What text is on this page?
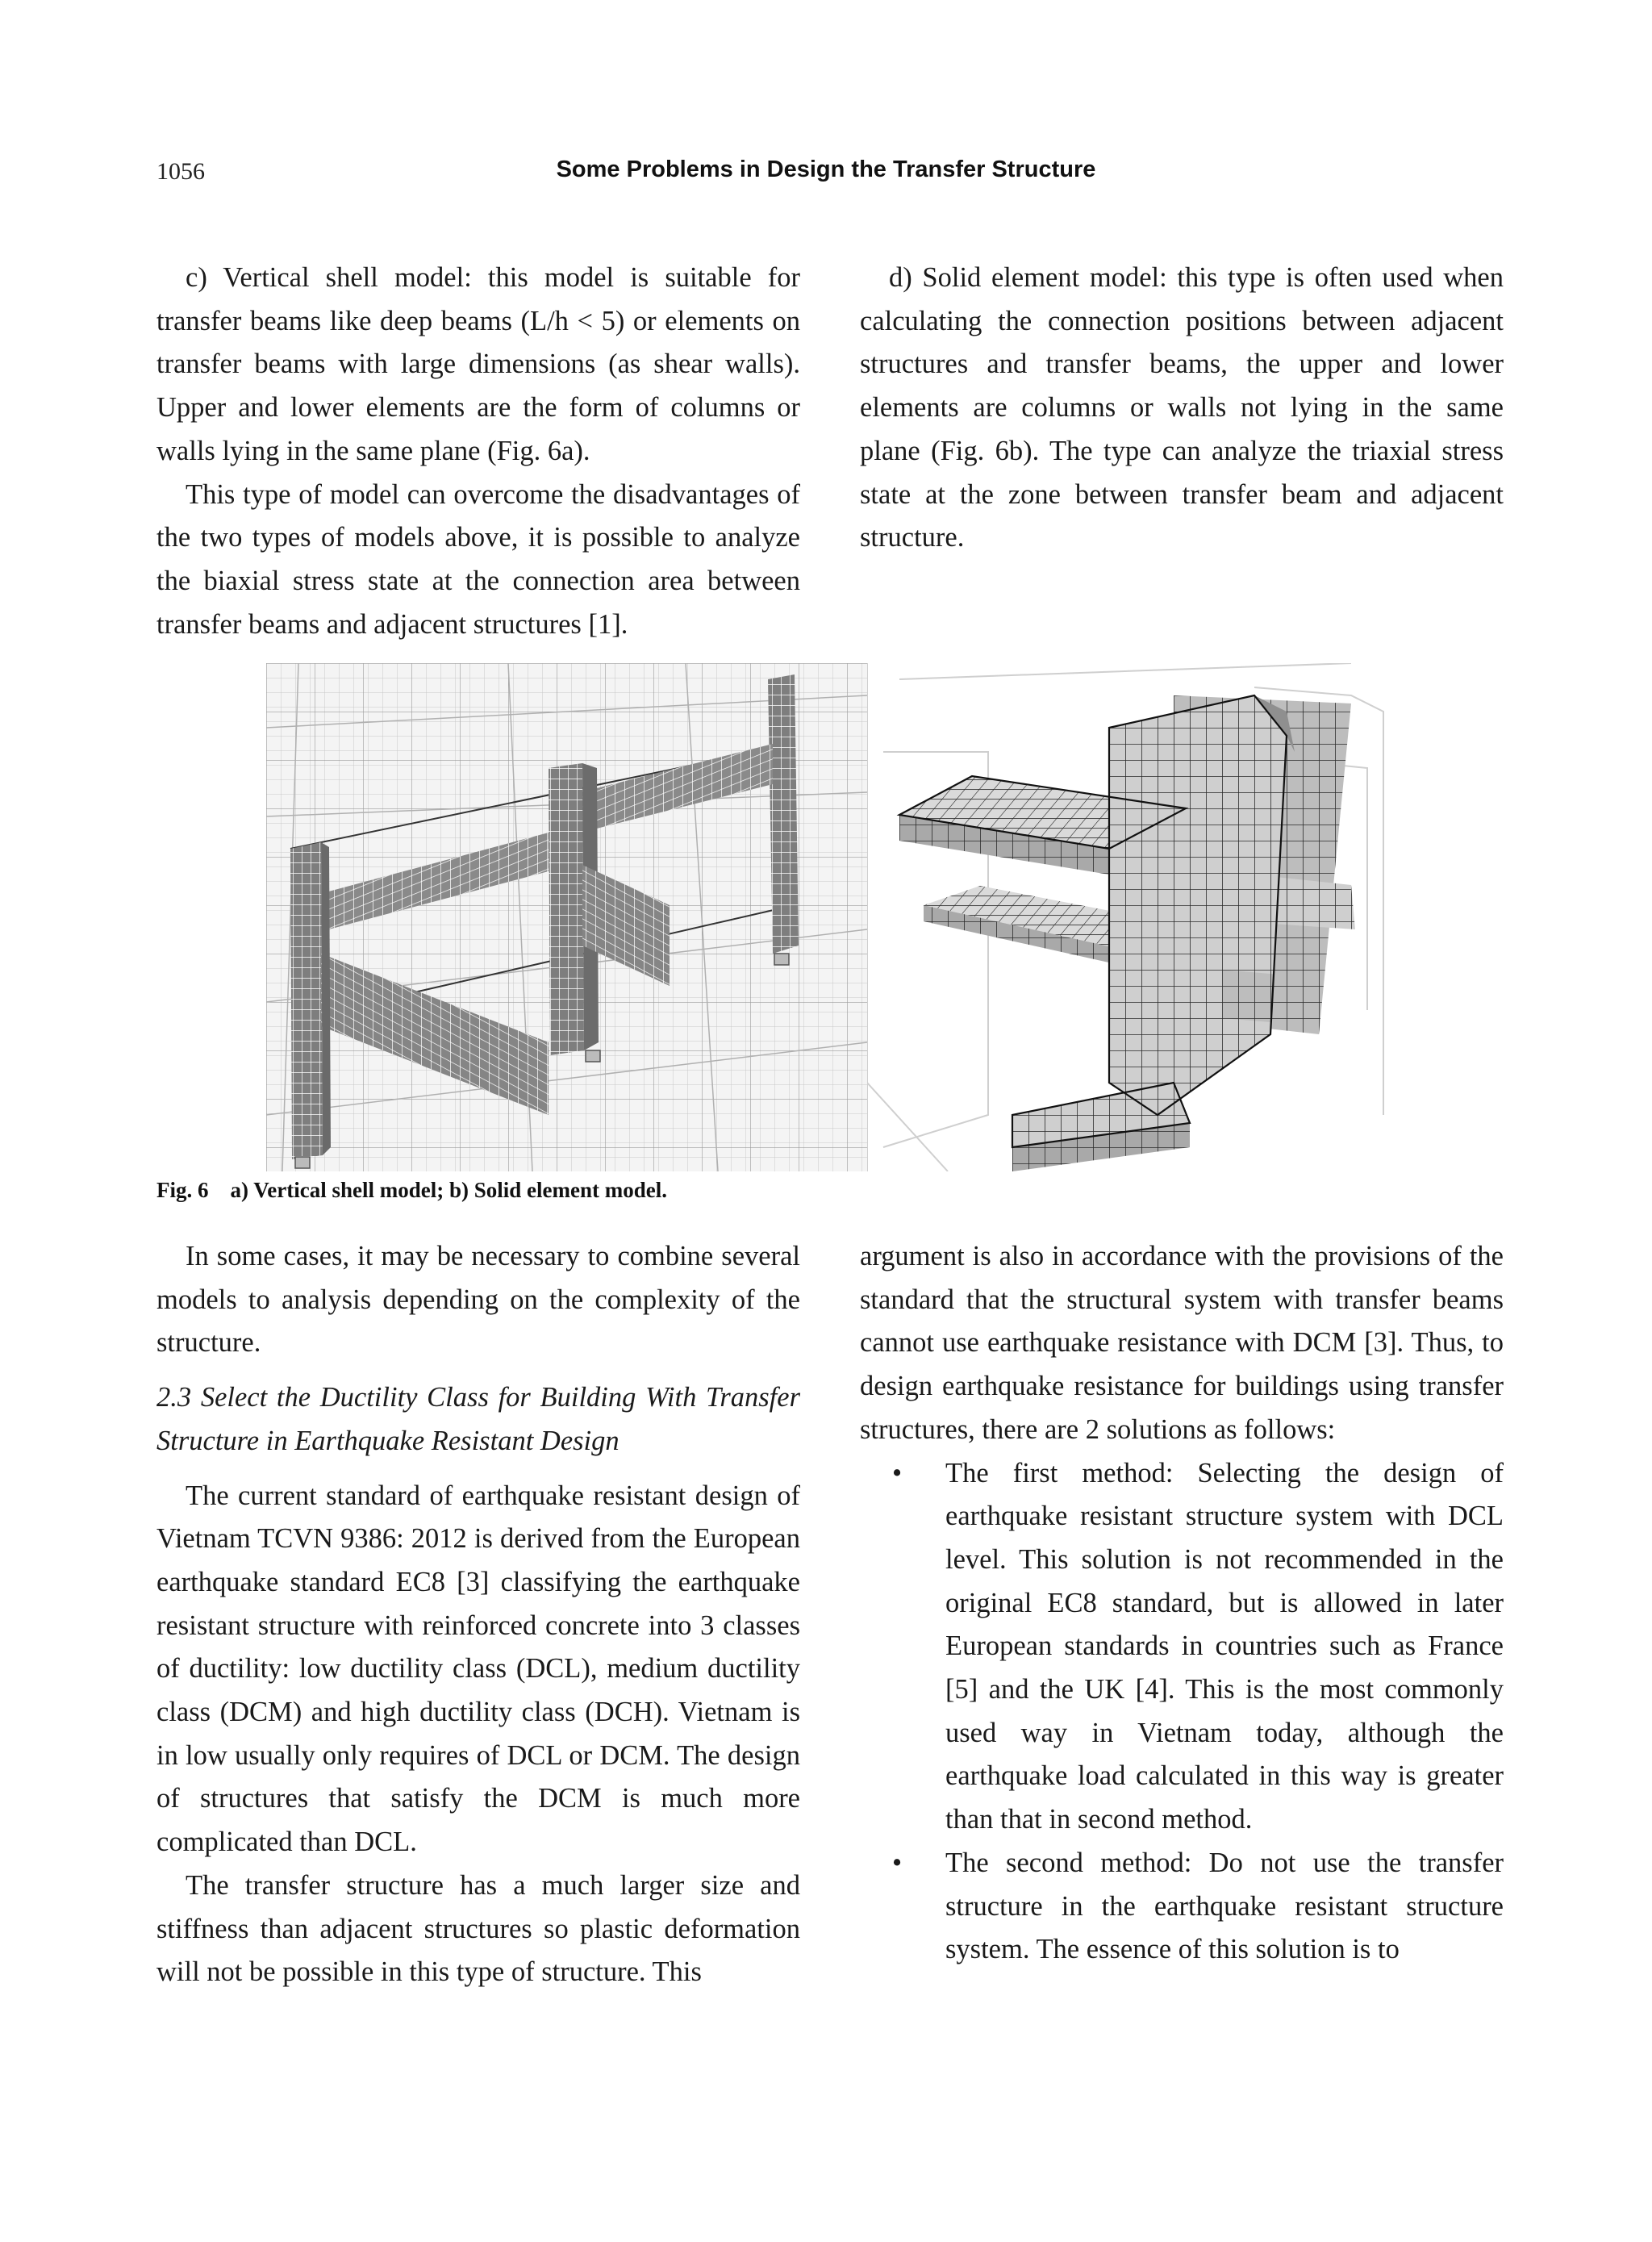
1056	Some Problems in Design the Transfer Structure

c) Vertical shell model: this model is suitable for transfer beams like deep beams (L/h < 5) or elements on transfer beams with large dimensions (as shear walls). Upper and lower elements are the form of columns or walls lying in the same plane (Fig. 6a).

This type of model can overcome the disadvantages of the two types of models above, it is possible to analyze the biaxial stress state at the connection area between transfer beams and adjacent structures [1].

d) Solid element model: this type is often used when calculating the connection positions between adjacent structures and transfer beams, the upper and lower elements are columns or walls not lying in the same plane (Fig. 6b). The type can analyze the triaxial stress state at the zone between transfer beam and adjacent structure.

Fig. 6    a) Vertical shell model; b) Solid element model.

In some cases, it may be necessary to combine several models to analysis depending on the complexity of the structure.

2.3 Select the Ductility Class for Building With Transfer Structure in Earthquake Resistant Design

The current standard of earthquake resistant design of Vietnam TCVN 9386: 2012 is derived from the European earthquake standard EC8 [3] classifying the earthquake resistant structure with reinforced concrete into 3 classes of ductility: low ductility class (DCL), medium ductility class (DCM) and high ductility class (DCH). Vietnam is in low usually only requires of DCL or DCM. The design of structures that satisfy the DCM is much more complicated than DCL.

The transfer structure has a much larger size and stiffness than adjacent structures so plastic deformation will not be possible in this type of structure. This

argument is also in accordance with the provisions of the standard that the structural system with transfer beams cannot use earthquake resistance with DCM [3]. Thus, to design earthquake resistance for buildings using transfer structures, there are 2 solutions as follows:

• The first method: Selecting the design of earthquake resistant structure system with DCL level. This solution is not recommended in the original EC8 standard, but is allowed in later European standards in countries such as France [5] and the UK [4]. This is the most commonly used way in Vietnam today, although the earthquake load calculated in this way is greater than that in second method.
• The second method: Do not use the transfer structure in the earthquake resistant structure system. The essence of this solution is to
